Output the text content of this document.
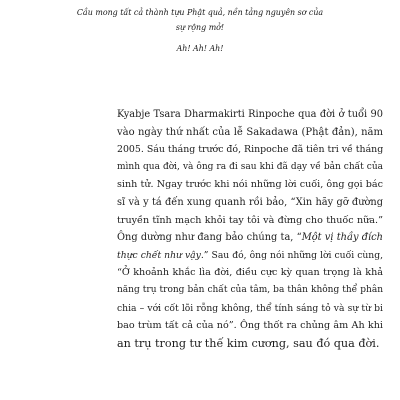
Cầu mong tất cả thành tựu Phật quả, nền tảng nguyên sơ của
sự rộng mở!
Ah! Ah! Ah!
Kyabje Tsara Dharmakirti Rinpoche qua đời ở tuổi 90
vào ngày thứ nhất của lễ Sakadawa (Phật đản), năm
2005. Sáu tháng trước đó, Rinpoche đã tiên tri về tháng
mình qua đời, và ông ra đi sau khi đã dạy về bản chất của
sinh tử. Ngay trước khi nói những lời cuối, ông gọi bác
sĩ và y tá đến xung quanh rồi bảo, “Xin hãy gỡ đường
truyền tĩnh mạch khỏi tay tôi và đừng cho thuốc nữa.”
Ông dường như đang bảo chúng ta, “Một vị thầy đích
thực chết như vậy.” Sau đó, ông nói những lời cuối cùng,
“Ở khoảnh khắc lìa đời, điều cực kỳ quan trọng là khả
năng trụ trong bản chất của tâm, ba thân không thể phân
chia – với cốt lõi rỗng không, thể tính sáng tỏ và sự từ bi
bao trùm tất cả của nó”. Ông thốt ra chủng âm Ah khi
an trụ trong tư thế kim cương, sau đó qua đời.
